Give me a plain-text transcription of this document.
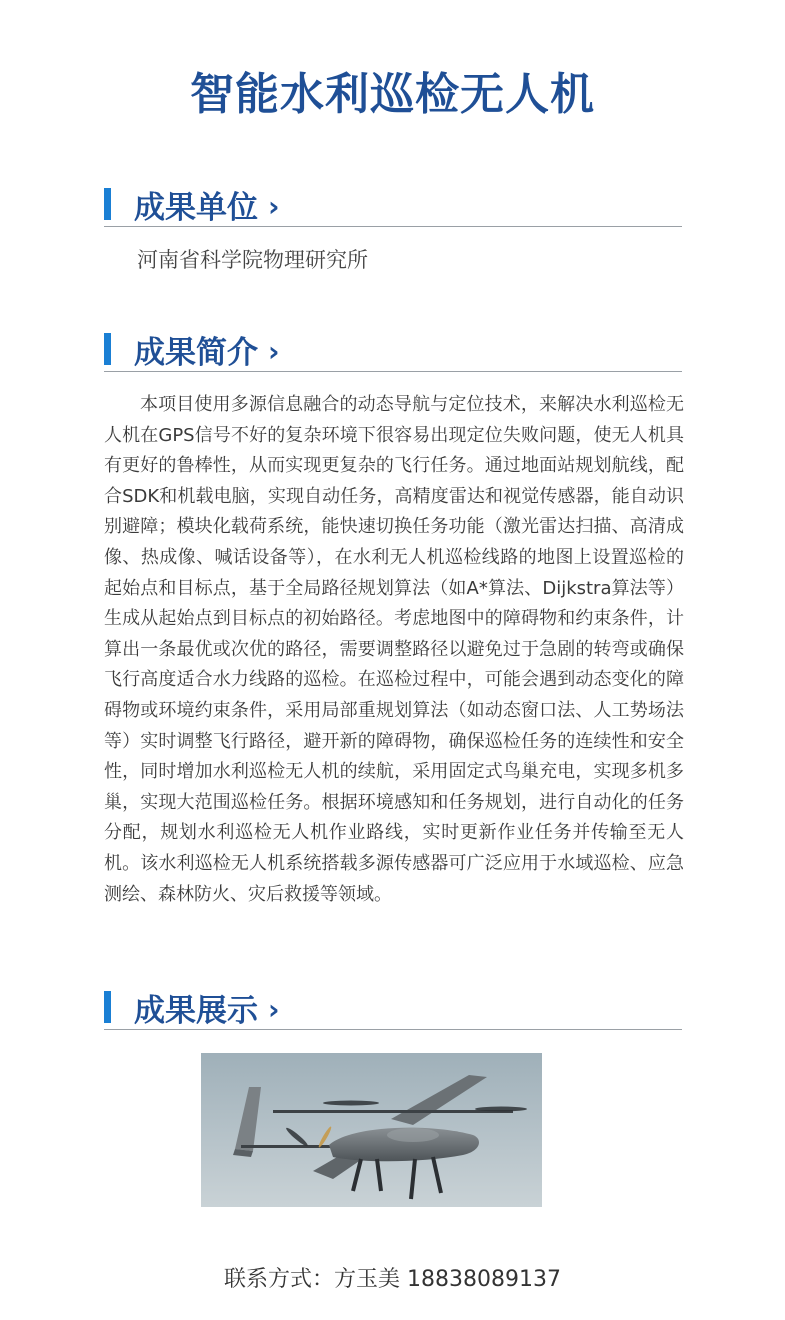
智能水利巡检无人机
成果单位 ›
河南省科学院物理研究所
成果简介 ›

本项目使用多源信息融合的动态导航与定位技术，来解决水利巡检无人机在GPS信号不好的复杂环境下很容易出现定位失败问题，使无人机具有更好的鲁棒性，从而实现更复杂的飞行任务。通过地面站规划航线，配合SDK和机载电脑，实现自动任务，高精度雷达和视觉传感器，能自动识别避障；模块化载荷系统，能快速切换任务功能（激光雷达扫描、高清成像、热成像、喊话设备等），在水利无人机巡检线路的地图上设置巡检的起始点和目标点，基于全局路径规划算法（如A*算法、Dijkstra算法等）生成从起始点到目标点的初始路径。考虑地图中的障碍物和约束条件，计算出一条最优或次优的路径，需要调整路径以避免过于急剧的转弯或确保飞行高度适合水力线路的巡检。在巡检过程中，可能会遇到动态变化的障碍物或环境约束条件，采用局部重规划算法（如动态窗口法、人工势场法等）实时调整飞行路径，避开新的障碍物，确保巡检任务的连续性和安全性，同时增加水利巡检无人机的续航，采用固定式鸟巢充电，实现多机多巢，实现大范围巡检任务。根据环境感知和任务规划，进行自动化的任务分配，规划水利巡检无人机作业路线，实时更新作业任务并传输至无人机。该水利巡检无人机系统搭载多源传感器可广泛应用于水域巡检、应急测绘、森林防火、灾后救援等领域。

成果展示 ›
联系方式：方玉美 18838089137
